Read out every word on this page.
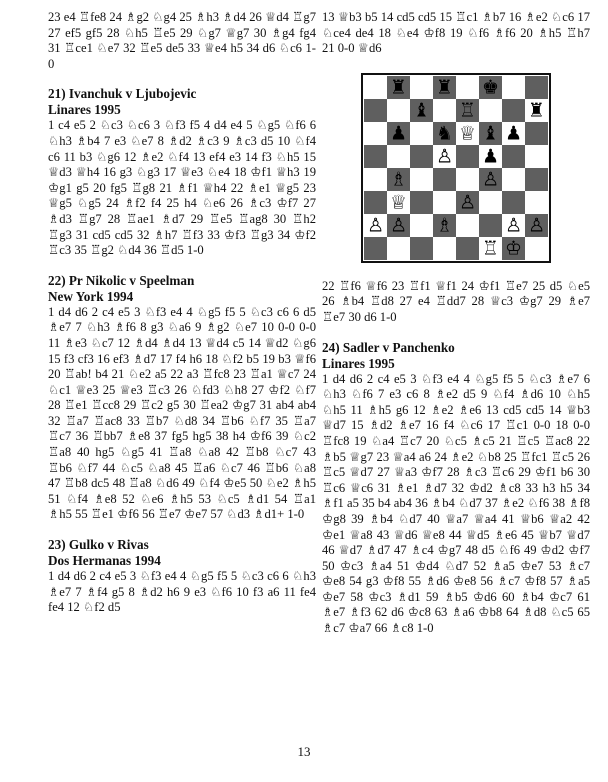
23 e4 ♖fe8 24 ♗g2 ♘g4 25 ♗h3 ♗d4 26 ♕d4 ♖g7 27 ef5 gf5 28 ♘h5 ♖e5 29 ♘g7 ♕g7 30 ♗g4 fg4 31 ♖ce1 ♘e7 32 ♖e5 de5 33 ♕e4 h5 34 d6 ♘c6 1-0

21) Ivanchuk v Ljubojevic

Linares 1995

1 c4 e5 2 ♘c3 ♘c6 3 ♘f3 f5 4 d4 e4 5 ♘g5 ♘f6 6 ♘h3 ♗b4 7 e3 ♘e7 8 ♗d2 ♗c3 9 ♗c3 d5 10 ♘f4 c6 11 b3 ♘g6 12 ♗e2 ♘f4 13 ef4 e3 14 f3 ♘h5 15 ♕d3 ♕h4 16 g3 ♘g3 17 ♕e3 ♘e4 18 ♔f1 ♕h3 19 ♔g1 g5 20 fg5 ♖g8 21 ♗f1 ♕h4 22 ♗e1 ♕g5 23 ♕g5 ♘g5 24 ♗f2 f4 25 h4 ♘e6 26 ♗c3 ♔f7 27 ♗d3 ♖g7 28 ♖ae1 ♗d7 29 ♖e5 ♖ag8 30 ♖h2 ♖g3 31 cd5 cd5 32 ♗h7 ♖f3 33 ♔f3 ♖g3 34 ♔f2 ♖c3 35 ♖g2 ♘d4 36 ♖d5 1-0

22) Pr Nikolic v Speelman

New York 1994

1 d4 d6 2 c4 e5 3 ♘f3 e4 4 ♘g5 f5 5 ♘c3 c6 6 d5 ♗e7 7 ♘h3 ♗f6 8 g3 ♘a6 9 ♗g2 ♘e7 10 0-0 0-0 11 ♗e3 ♘c7 12 ♗d4 ♗d4 13 ♕d4 c5 14 ♕d2 ♘g6 15 f3 cf3 16 ef3 ♗d7 17 f4 h6 18 ♘f2 b5 19 b3 ♕f6 20 ♖ab! b4 21 ♘e2 a5 22 a3 ♖fc8 23 ♖a1 ♕c7 24 ♘c1 ♕e3 25 ♕e3 ♖c3 26 ♘fd3 ♘h8 27 ♔f2 ♘f7 28 ♖e1 ♖cc8 29 ♖c2 g5 30 ♖ea2 ♔g7 31 ab4 ab4 32 ♖a7 ♖ac8 33 ♖b7 ♘d8 34 ♖b6 ♘f7 35 ♖a7 ♖c7 36 ♖bb7 ♗e8 37 fg5 hg5 38 h4 ♔f6 39 ♘c2 ♖a8 40 hg5 ♘g5 41 ♖a8 ♘a8 42 ♖b8 ♘c7 43 ♖b6 ♘f7 44 ♘c5 ♘a8 45 ♖a6 ♘c7 46 ♖b6 ♘a8 47 ♖b8 dc5 48 ♖a8 ♘d6 49 ♘f4 ♔e5 50 ♘e2 ♗h5 51 ♘f4 ♗e8 52 ♘e6 ♗h5 53 ♘c5 ♗d1 54 ♖a1 ♗h5 55 ♖e1 ♔f6 56 ♖e7 ♔e7 57 ♘d3 ♗d1+ 1-0

23) Gulko v Rivas

Dos Hermanas 1994

1 d4 d6 2 c4 e5 3 ♘f3 e4 4 ♘g5 f5 5 ♘c3 c6 6 ♘h3 ♗e7 7 ♗f4 g5 8 ♗d2 h6 9 e3 ♘f6 10 f3 a6 11 fe4 fe4 12 ♘f2 d5

13 ♕b3 b5 14 cd5 cd5 15 ♖c1 ♗b7 16 ♗e2 ♘c6 17 ♘ce4 de4 18 ♘e4 ♔f8 19 ♘f6 ♗f6 20 ♗h5 ♖h7 21 0-0 ♕d6

♜ ♜ ♚
♝ ♖	♜
♟ ♞ ♕ ♝ ♟
♙ ♟
♗	♙
♕	♙
♙ ♙ ♗	♙ ♙
♖ ♔

22 ♖f6 ♕f6 23 ♖f1 ♕f1 24 ♔f1 ♖e7 25 d5 ♘e5 26 ♗b4 ♖d8 27 e4 ♖dd7 28 ♕c3 ♔g7 29 ♗e7 ♖e7 30 d6 1-0

24) Sadler v Panchenko

Linares 1995

1 d4 d6 2 c4 e5 3 ♘f3 e4 4 ♘g5 f5 5 ♘c3 ♗e7 6 ♘h3 ♘f6 7 e3 c6 8 ♗e2 d5 9 ♘f4 ♗d6 10 ♘h5 ♘h5 11 ♗h5 g6 12 ♗e2 ♗e6 13 cd5 cd5 14 ♕b3 ♕d7 15 ♗d2 ♗e7 16 f4 ♘c6 17 ♖c1 0-0 18 0-0 ♖fc8 19 ♘a4 ♖c7 20 ♘c5 ♗c5 21 ♖c5 ♖ac8 22 ♗b5 ♕g7 23 ♕a4 a6 24 ♗e2 ♘b8 25 ♖fc1 ♖c5 26 ♖c5 ♕d7 27 ♕a3 ♔f7 28 ♗c3 ♖c6 29 ♔f1 b6 30 ♖c6 ♕c6 31 ♗e1 ♗d7 32 ♔d2 ♗c8 33 h3 h5 34 ♗f1 a5 35 b4 ab4 36 ♗b4 ♘d7 37 ♗e2 ♘f6 38 ♗f8 ♔g8 39 ♗b4 ♘d7 40 ♕a7 ♕a4 41 ♕b6 ♕a2 42 ♔e1 ♕a8 43 ♕d6 ♕e8 44 ♕d5 ♗e6 45 ♕b7 ♕d7 46 ♕d7 ♗d7 47 ♗c4 ♔g7 48 d5 ♘f6 49 ♔d2 ♔f7 50 ♔c3 ♗a4 51 ♔d4 ♘d7 52 ♗a5 ♔e7 53 ♗c7 ♔e8 54 g3 ♔f8 55 ♗d6 ♔e8 56 ♗c7 ♔f8 57 ♗a5 ♔e7 58 ♔c3 ♗d1 59 ♗b5 ♔d6 60 ♗b4 ♔c7 61 ♗e7 ♗f3 62 d6 ♔c8 63 ♗a6 ♔b8 64 ♗d8 ♘c5 65 ♗c7 ♔a7 66 ♗c8 1-0

13
